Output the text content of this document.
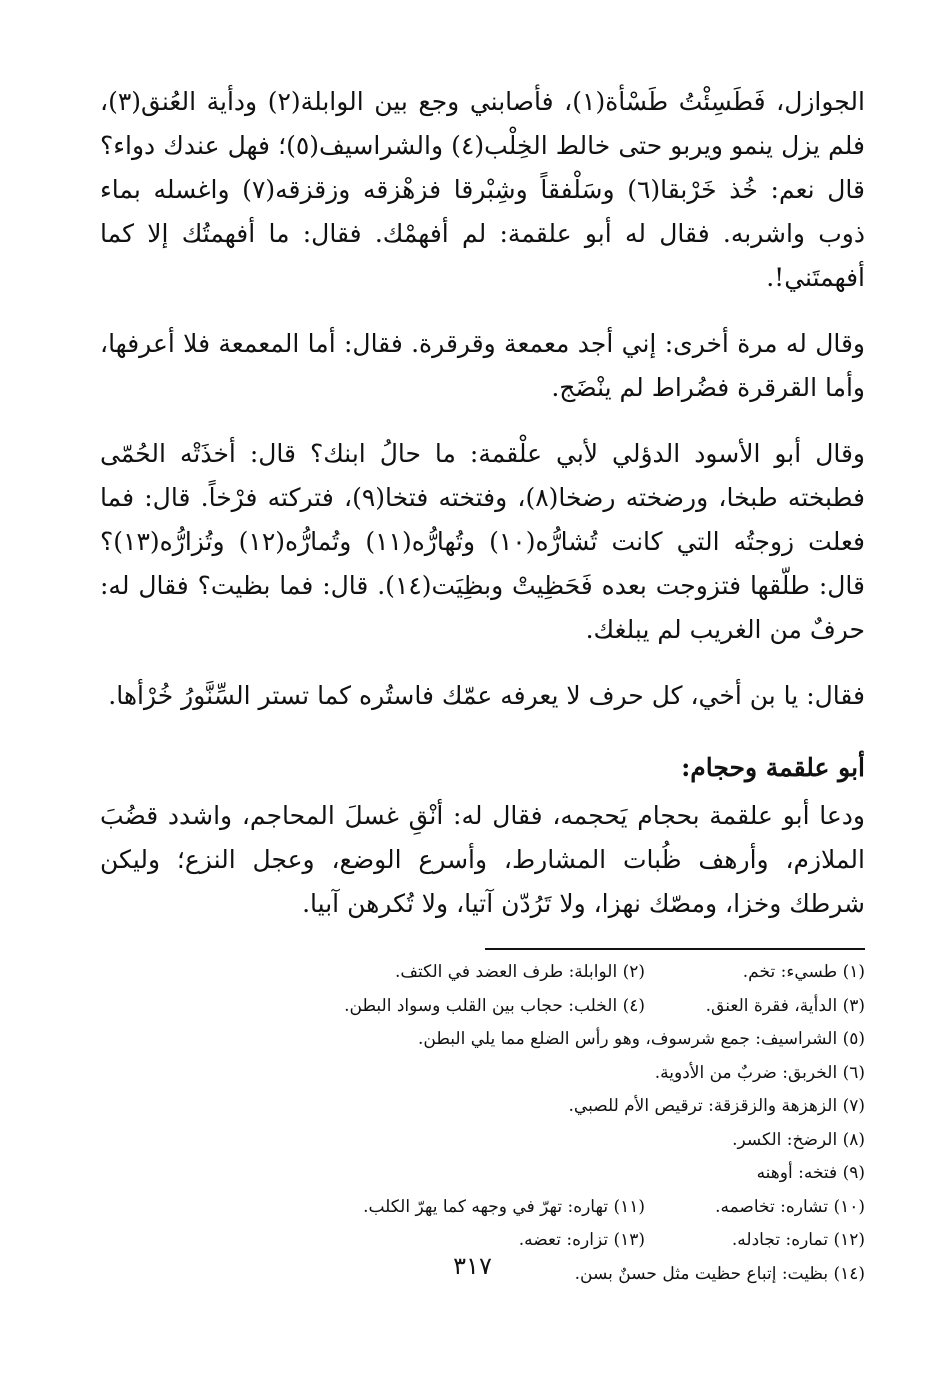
الجوازل، فَطَسِئْتُ طَسْأة(١)، فأصابني وجع بين الوابلة(٢) ودأية العُنق(٣)، فلم يزل ينمو ويربو حتى خالط الخِلْب(٤) والشراسيف(٥)؛ فهل عندك دواء؟ قال نعم: خُذ خَرْبقا(٦) وسَلْفقاً وشِبْرقا فزهْزقه وزقزقه(٧) واغسله بماء ذوب واشربه. فقال له أبو علقمة: لم أفهمْك. فقال: ما أفهمتُك إلا كما أفهمتَني!.

وقال له مرة أخرى: إني أجد معمعة وقرقرة. فقال: أما المعمعة فلا أعرفها، وأما القرقرة فضُراط لم ينْضَج.

وقال أبو الأسود الدؤلي لأبي علْقمة: ما حالُ ابنك؟ قال: أخذَتْه الحُمّى فطبخته طبخا، ورضخته رضخا(٨)، وفتخته فتخا(٩)، فتركته فرْخاً. قال: فما فعلت زوجتُه التي كانت تُشارُّه(١٠) وتُهارُّه(١١) وتُمارُّه(١٢) وتُزارُّه(١٣)؟ قال: طلّقها فتزوجت بعده فَحَظِيتْ وبظِيَت(١٤). قال: فما بظيت؟ فقال له: حرفٌ من الغريب لم يبلغك.

فقال: يا بن أخي، كل حرف لا يعرفه عمّك فاستُره كما تستر السِّنَّورُ خُرْأها.

أبو علقمة وحجام:

ودعا أبو علقمة بحجام يَحجمه، فقال له: أنْقِ غسلَ المحاجم، واشدد قضُبَ الملازم، وأرهف ظُبات المشارط، وأسرع الوضع، وعجل النزع؛ وليكن شرطك وخزا، ومصّك نهزا، ولا تَرُدّن آتيا، ولا تُكرهن آبيا.

(١) طسيء: تخم.
(٢) الوابلة: طرف العضد في الكتف.
(٣) الدأية، فقرة العنق.
(٤) الخلب: حجاب بين القلب وسواد البطن.
(٥) الشراسيف: جمع شرسوف، وهو رأس الضلع مما يلي البطن.
(٦) الخربق: ضربٌ من الأدوية.
(٧) الزهزهة والزقزقة: ترقيص الأم للصبي.
(٨) الرضخ: الكسر.
(٩) فتخه: أوهنه
(١٠) تشاره: تخاصمه.
(١١) تهاره: تهرّ في وجهه كما يهرّ الكلب.
(١٢) تماره: تجادله.
(١٣) تزاره: تعضه.
(١٤) بظيت: إتباع حظيت مثل حسنٌ بسن.
٣١٧
